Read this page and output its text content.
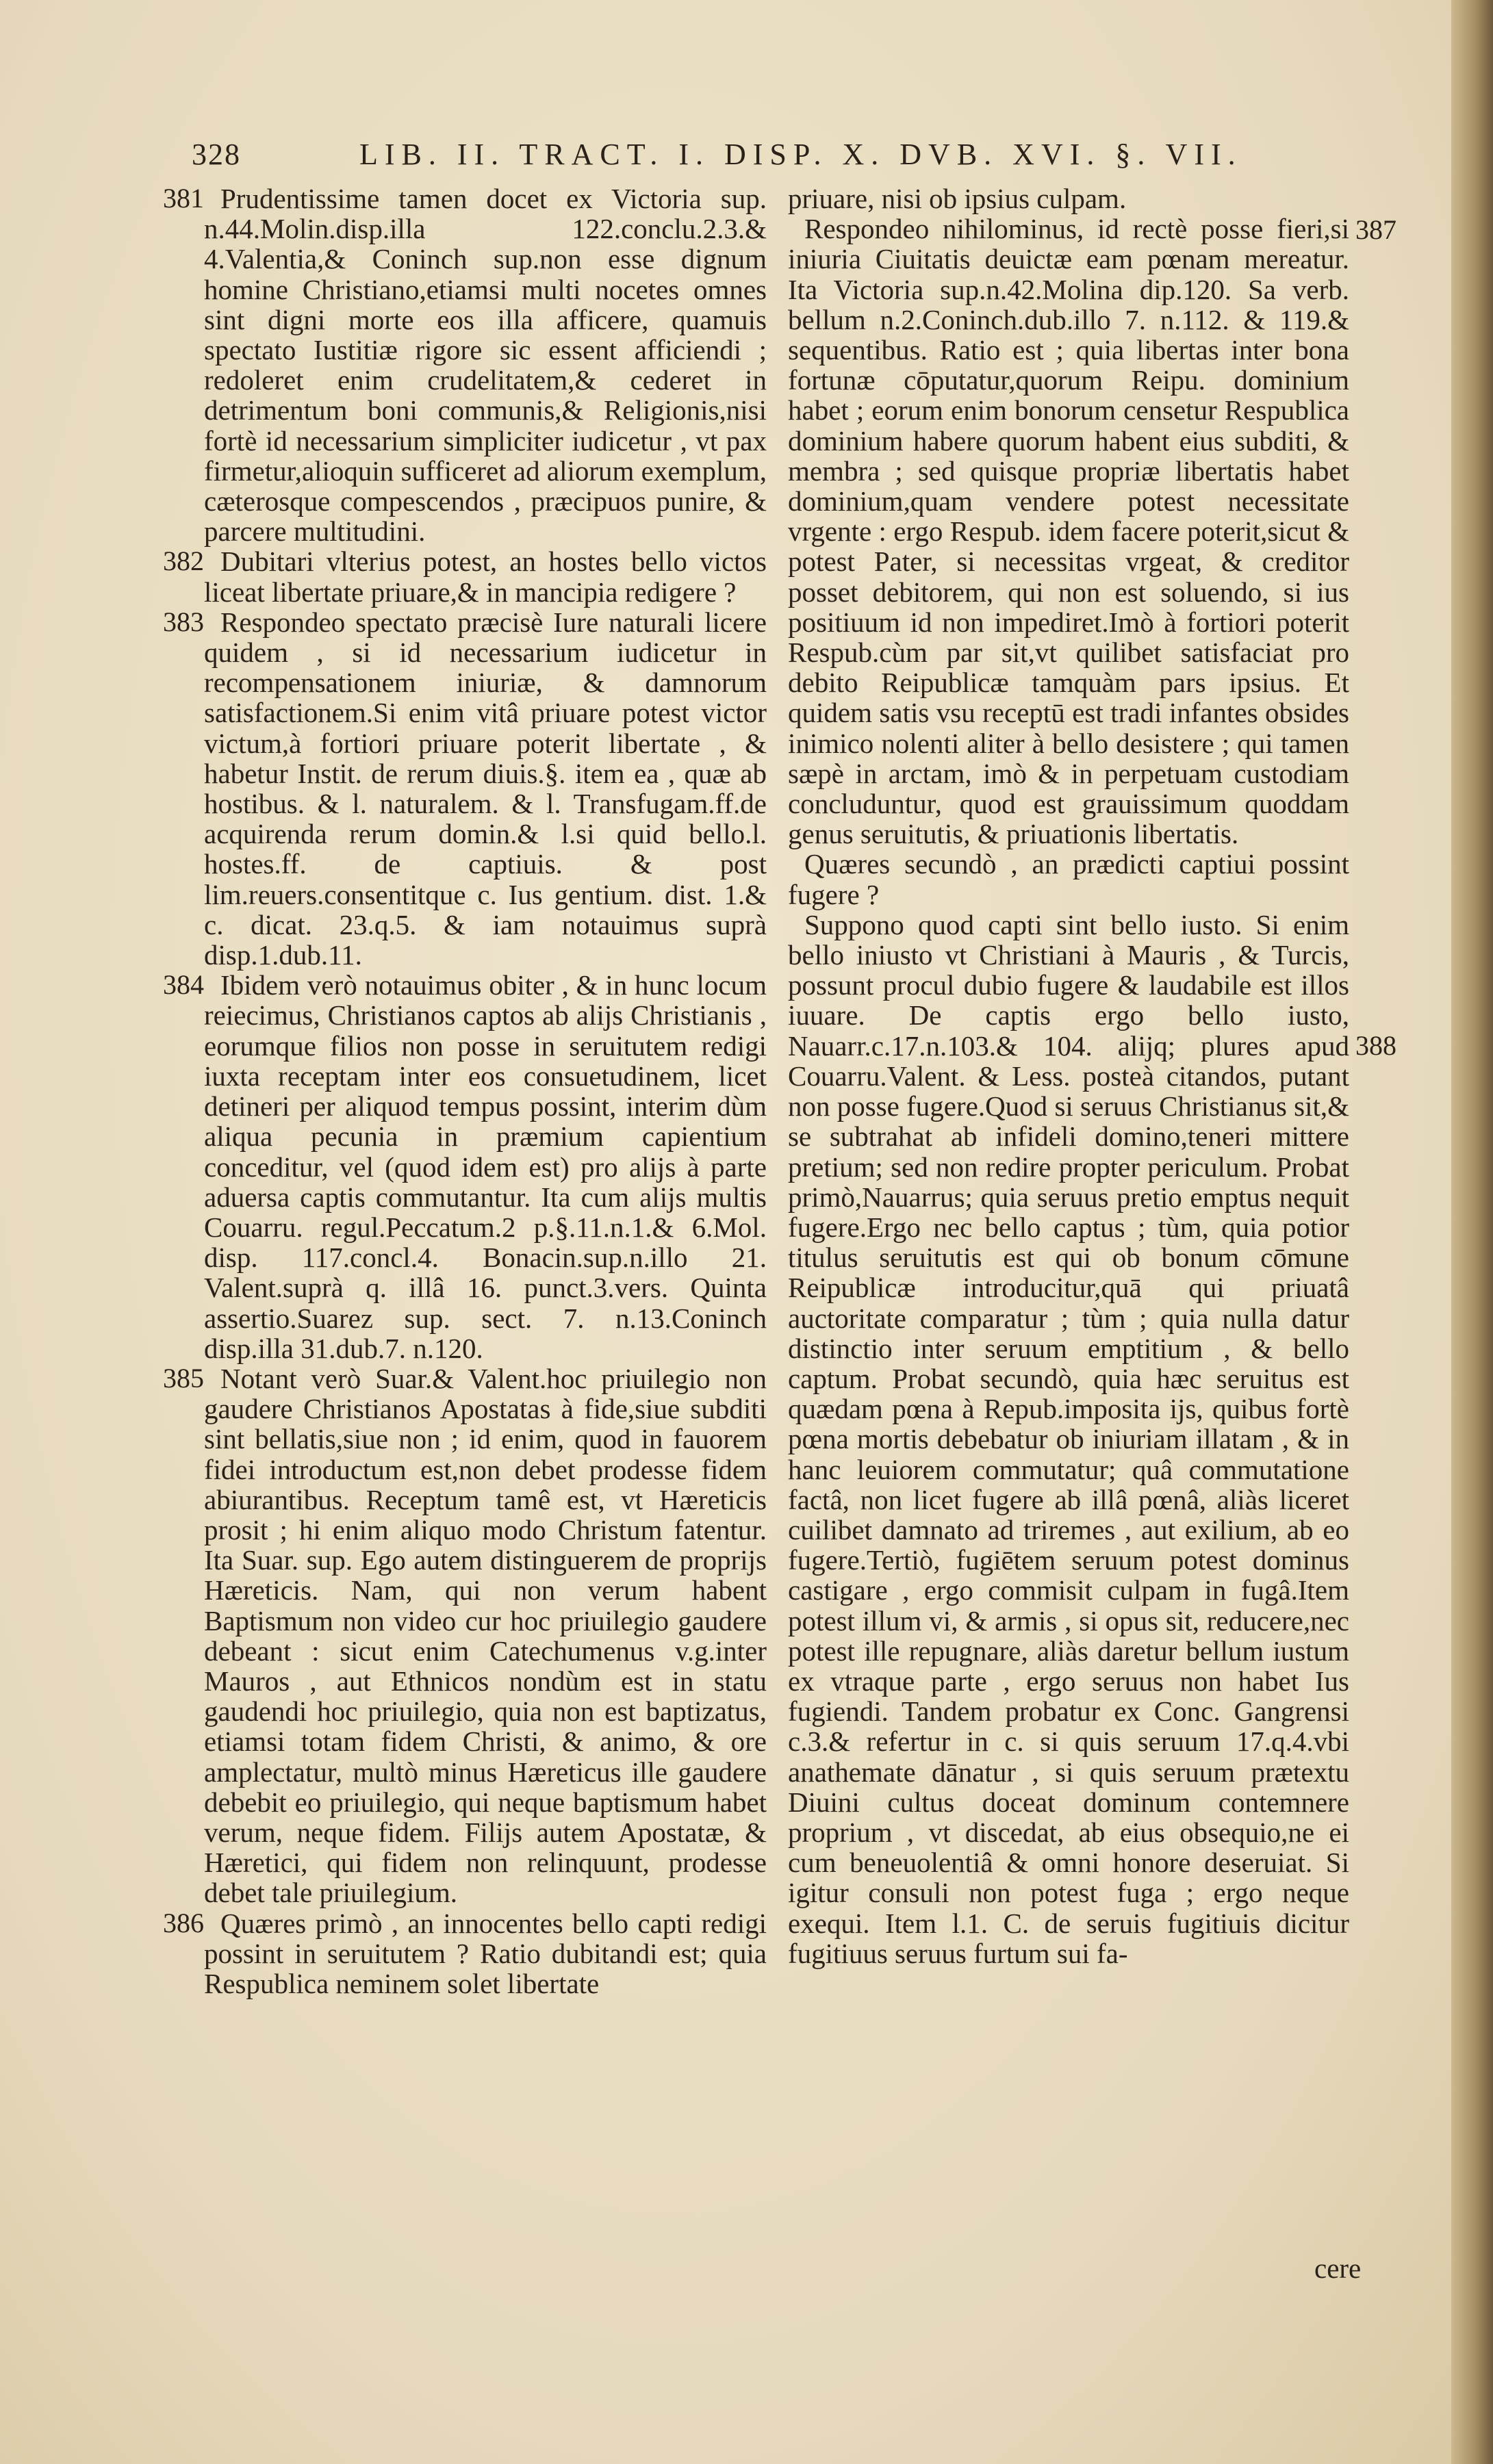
328	LIB. II. TRACT. I. DISP. X. DVB. XVI. §. VII.

381 Prudentissime tamen docet ex Victoria sup. n.44.Molin.disp.illa 122.conclu.2.3.& 4.Valentia,& Coninch sup.non esse dignum homine Christiano,etiamsi multi nocetes omnes sint digni morte eos illa afficere, quamuis spectato Iustitiæ rigore sic essent afficiendi ; redoleret enim crudelitatem,& cederet in detrimentum boni communis,& Religionis,nisi fortè id necessarium simpliciter iudicetur , vt pax firmetur,alioquin sufficeret ad aliorum exemplum, cæterosque compescendos , præcipuos punire, & parcere multitudini.

382 Dubitari vlterius potest, an hostes bello victos liceat libertate priuare,& in mancipia redigere ?

383 Respondeo spectato præcisè Iure naturali licere quidem , si id necessarium iudicetur in recompensationem iniuriæ, & damnorum satisfactionem.Si enim vitâ priuare potest victor victum,à fortiori priuare poterit libertate , & habetur Instit. de rerum diuis.§. item ea , quæ ab hostibus. & l. naturalem. & l. Transfugam.ff.de acquirenda rerum domin.& l.si quid bello.l. hostes.ff. de captiuis. & post lim.reuers.consentitque c. Ius gentium. dist. 1.& c. dicat. 23.q.5. & iam notauimus suprà disp.1.dub.11.

384 Ibidem verò notauimus obiter , & in hunc locum reiecimus, Christianos captos ab alijs Christianis , eorumque filios non posse in seruitutem redigi iuxta receptam inter eos consuetudinem, licet detineri per aliquod tempus possint, interim dùm aliqua pecunia in præmium capientium conceditur, vel (quod idem est) pro alijs à parte aduersa captis commutantur. Ita cum alijs multis Couarru. regul.Peccatum.2 p.§.11.n.1.& 6.Mol. disp. 117.concl.4. Bonacin.sup.n.illo 21. Valent.suprà q. illâ 16. punct.3.vers. Quinta assertio.Suarez sup. sect. 7. n.13.Coninch disp.illa 31.dub.7. n.120.

385 Notant verò Suar.& Valent.hoc priuilegio non gaudere Christianos Apostatas à fide,siue subditi sint bellatis,siue non ; id enim, quod in fauorem fidei introductum est,non debet prodesse fidem abiurantibus. Receptum tamê est, vt Hæreticis prosit ; hi enim aliquo modo Christum fatentur. Ita Suar. sup. Ego autem distinguerem de proprijs Hæreticis. Nam, qui non verum habent Baptismum non video cur hoc priuilegio gaudere debeant : sicut enim Catechumenus v.g.inter Mauros , aut Ethnicos nondùm est in statu gaudendi hoc priuilegio, quia non est baptizatus, etiamsi totam fidem Christi, & animo, & ore amplectatur, multò minus Hæreticus ille gaudere debebit eo priuilegio, qui neque baptismum habet verum, neque fidem. Filijs autem Apostatæ, & Hæretici, qui fidem non relinquunt, prodesse debet tale priuilegium.

386 Quæres primò , an innocentes bello capti redigi possint in seruitutem ? Ratio dubitandi est; quia Respublica neminem solet libertate

priuare, nisi ob ipsius culpam.

Respondeo nihilominus, id rectè posse fieri,si iniuria Ciuitatis deuictæ eam pœnam mereatur. Ita Victoria sup.n.42.Molina dip.120. Sa verb. bellum n.2.Coninch.dub.illo 7. n.112. & 119.& sequentibus. Ratio est ; quia libertas inter bona fortunæ cōputatur,quorum Reipu. dominium habet ; eorum enim bonorum censetur Respublica dominium habere quorum habent eius subditi, & membra ; sed quisque propriæ libertatis habet dominium,quam vendere potest necessitate vrgente : ergo Respub. idem facere poterit,sicut & potest Pater, si necessitas vrgeat, & creditor posset debitorem, qui non est soluendo, si ius positiuum id non impediret.Imò à fortiori poterit Respub.cùm par sit,vt quilibet satisfaciat pro debito Reipublicæ tamquàm pars ipsius. Et quidem satis vsu receptū est tradi infantes obsides inimico nolenti aliter à bello desistere ; qui tamen sæpè in arctam, imò & in perpetuam custodiam concluduntur, quod est grauissimum quoddam genus seruitutis, & priuationis libertatis.

Quæres secundò , an prædicti captiui possint fugere ?

Suppono quod capti sint bello iusto. Si enim bello iniusto vt Christiani à Mauris , & Turcis, possunt procul dubio fugere & laudabile est illos iuuare. De captis ergo bello iusto, Nauarr.c.17.n.103.& 104. alijq; plures apud Couarru.Valent. & Less. posteà citandos, putant non posse fugere.Quod si seruus Christianus sit,& se subtrahat ab infideli domino,teneri mittere pretium; sed non redire propter periculum. Probat primò,Nauarrus; quia seruus pretio emptus nequit fugere.Ergo nec bello captus ; tùm, quia potior titulus seruitutis est qui ob bonum cōmune Reipublicæ introducitur,quā qui priuatâ auctoritate comparatur ; tùm ; quia nulla datur distinctio inter seruum emptitium , & bello captum. Probat secundò, quia hæc seruitus est quædam pœna à Repub.imposita ijs, quibus fortè pœna mortis debebatur ob iniuriam illatam , & in hanc leuiorem commutatur; quâ commutatione factâ, non licet fugere ab illâ pœnâ, aliàs liceret cuilibet damnato ad triremes , aut exilium, ab eo fugere.Tertiò, fugiētem seruum potest dominus castigare , ergo commisit culpam in fugâ.Item potest illum vi, & armis , si opus sit, reducere,nec potest ille repugnare, aliàs daretur bellum iustum ex vtraque parte , ergo seruus non habet Ius fugiendi. Tandem probatur ex Conc. Gangrensi c.3.& refertur in c. si quis seruum 17.q.4.vbi anathemate dānatur , si quis seruum prætextu Diuini cultus doceat dominum contemnere proprium , vt discedat, ab eius obsequio,ne ei cum beneuolentiâ & omni honore deseruiat. Si igitur consuli non potest fuga ; ergo neque exequi. Item l.1. C. de seruis fugitiuis dicitur fugitiuus seruus furtum sui fa-

387
388
cere
